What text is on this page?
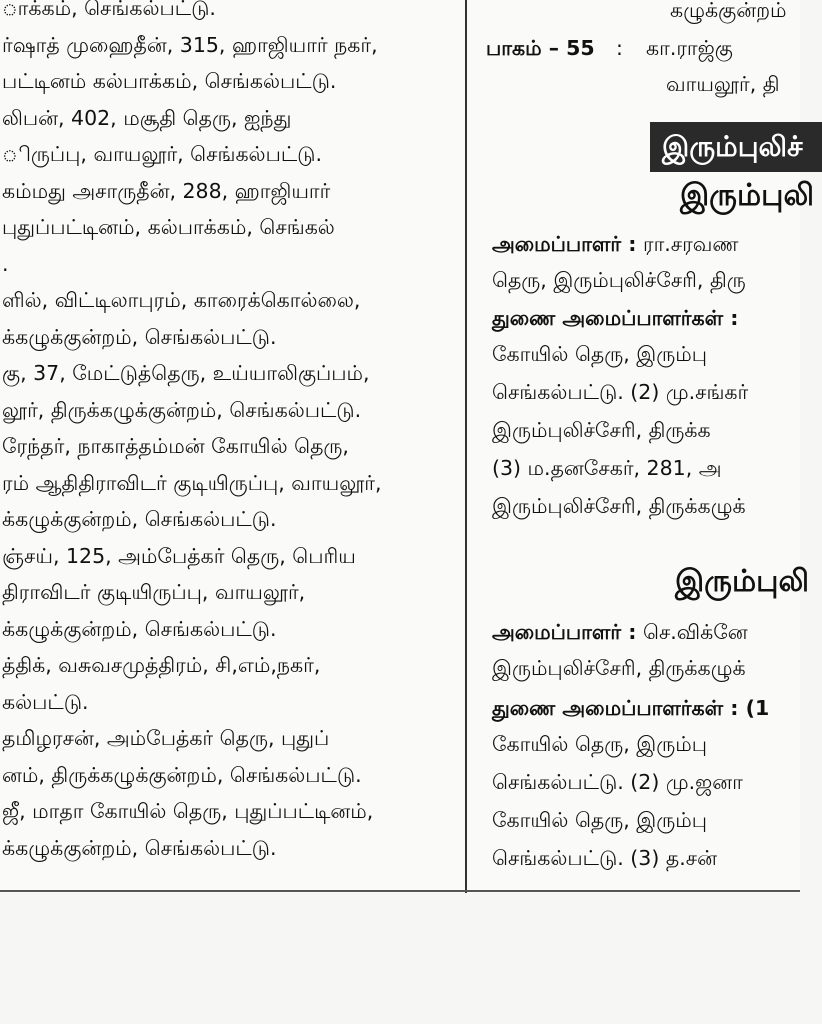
ாக்கம், செங்கல்பட்டு.
ர்ஷாத் முஹைதீன், 315, ஹாஜியார் நகர்,
பட்டினம் கல்பாக்கம், செங்கல்பட்டு.
லிபன், 402, மசூதி தெரு, ஐந்து
ிருப்பு, வாயலூர், செங்கல்பட்டு.
கம்மது அசாருதீன், 288, ஹாஜியார்
புதுப்பட்டினம், கல்பாக்கம், செங்கல்
.
ளில், விட்டிலாபுரம், காரைக்கொல்லை,
க்கழுக்குன்றம், செங்கல்பட்டு.
கு, 37, மேட்டுத்தெரு, உய்யாலிகுப்பம்,
லூர், திருக்கழுக்குன்றம், செங்கல்பட்டு.
ரேந்தர், நாகாத்தம்மன் கோயில் தெரு,
ரம் ஆதிதிராவிடர் குடியிருப்பு, வாயலூர்,
க்கழுக்குன்றம், செங்கல்பட்டு.
ஞ்சய், 125, அம்பேத்கர் தெரு, பெரிய
திராவிடர் குடியிருப்பு, வாயலூர்,
க்கழுக்குன்றம், செங்கல்பட்டு.
த்திக், வசுவசமுத்திரம், சி,எம்,நகர்,
கல்பட்டு.
தமிழரசன், அம்பேத்கர் தெரு, புதுப்
னம், திருக்கழுக்குன்றம், செங்கல்பட்டு.
ஜீ, மாதா கோயில் தெரு, புதுப்பட்டினம்,
க்கழுக்குன்றம், செங்கல்பட்டு.
கழுக்குன்றம்
பாகம் – 55 : கா.ராஜ்கு
வாயலூர், தி
இரும்புலிச்
இரும்புலி
அமைப்பாளர் : ரா.சரவண
தெரு, இரும்புலிச்சேரி, திரு
துணை அமைப்பாளர்கள் :
கோயில் தெரு, இரும்பு
செங்கல்பட்டு. (2) மு.சங்கர்
இரும்புலிச்சேரி, திருக்க
(3) ம.தனசேகர், 281, அ
இரும்புலிச்சேரி, திருக்கழுக்
இரும்புலி
அமைப்பாளர் : செ.விக்னே
இரும்புலிச்சேரி, திருக்கழுக்
துணை அமைப்பாளர்கள் : (1
கோயில் தெரு, இரும்பு
செங்கல்பட்டு. (2) மு.ஜனா
கோயில் தெரு, இரும்பு
செங்கல்பட்டு. (3) த.சன்
